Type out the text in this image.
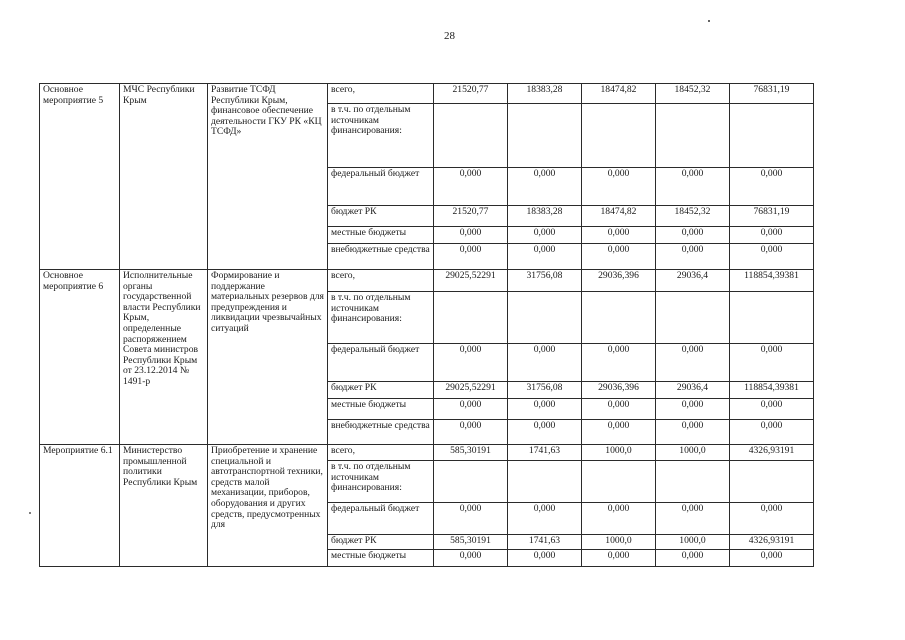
28
Основное мероприятие 5	МЧС Республики Крым	Развитие ТСФД Республики Крым, финансовое обеспечение деятельности ГКУ РК «КЦ ТСФД»	всего,	21520,77	18383,28	18474,82	18452,32	76831,19
			в т.ч. по отдельным источникам финансирования:					
			федеральный бюджет	0,000	0,000	0,000	0,000	0,000
			бюджет РК	21520,77	18383,28	18474,82	18452,32	76831,19
			местные бюджеты	0,000	0,000	0,000	0,000	0,000
			внебюджетные средства	0,000	0,000	0,000	0,000	0,000
Основное мероприятие 6	Исполнительные органы государственной власти Республики Крым, определенные распоряжением Совета министров Республики Крым от 23.12.2014 № 1491-р	Формирование и поддержание материальных резервов для предупреждения и ликвидации чрезвычайных ситуаций	всего,	29025,52291	31756,08	29036,396	29036,4	118854,39381
			в т.ч. по отдельным источникам финансирования:					
			федеральный бюджет	0,000	0,000	0,000	0,000	0,000
			бюджет РК	29025,52291	31756,08	29036,396	29036,4	118854,39381
			местные бюджеты	0,000	0,000	0,000	0,000	0,000
			внебюджетные средства	0,000	0,000	0,000	0,000	0,000
Мероприятие 6.1	Министерство промышленной политики Республики Крым	Приобретение и хранение специальной и автотранспортной техники, средств малой механизации, приборов, оборудования и других средств, предусмотренных для	всего,	585,30191	1741,63	1000,0	1000,0	4326,93191
			в т.ч. по отдельным источникам финансирования:					
			федеральный бюджет	0,000	0,000	0,000	0,000	0,000
			бюджет РК	585,30191	1741,63	1000,0	1000,0	4326,93191
			местные бюджеты	0,000	0,000	0,000	0,000	0,000
